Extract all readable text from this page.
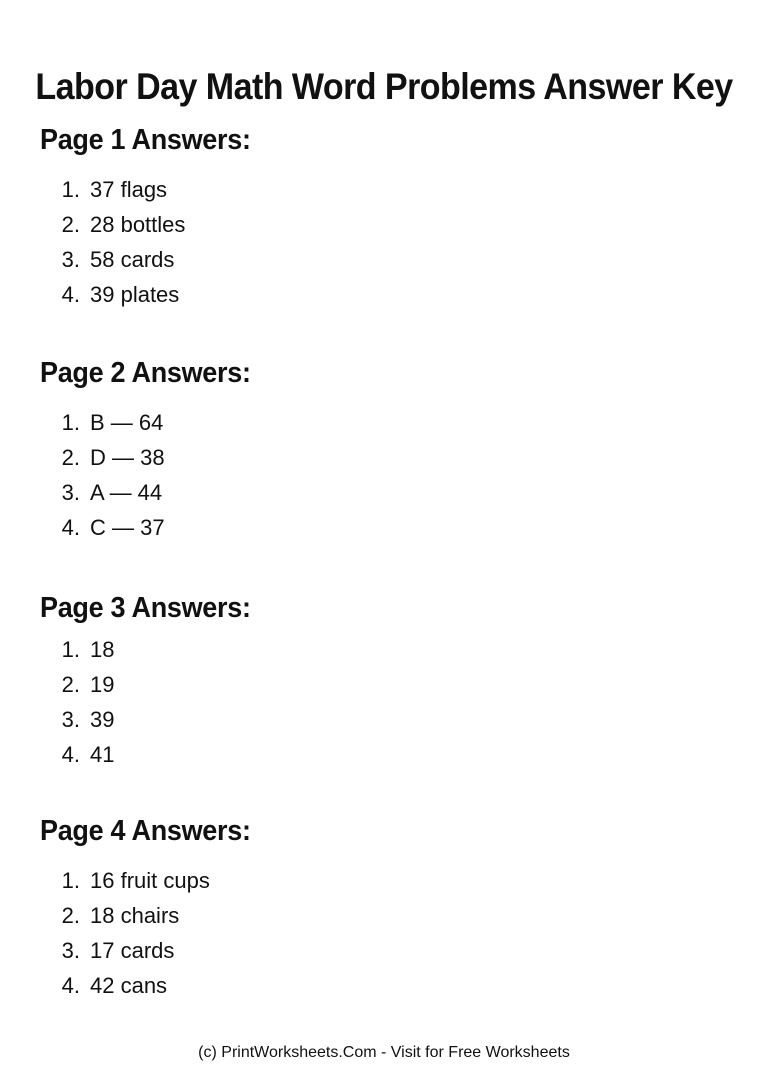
Labor Day Math Word Problems Answer Key
Page 1 Answers:
1. 37 flags
2. 28 bottles
3. 58 cards
4. 39 plates
Page 2 Answers:
1. B — 64
2. D — 38
3. A — 44
4. C — 37
Page 3 Answers:
1. 18
2. 19
3. 39
4. 41
Page 4 Answers:
1. 16 fruit cups
2. 18 chairs
3. 17 cards
4. 42 cans
(c) PrintWorksheets.Com - Visit for Free Worksheets
